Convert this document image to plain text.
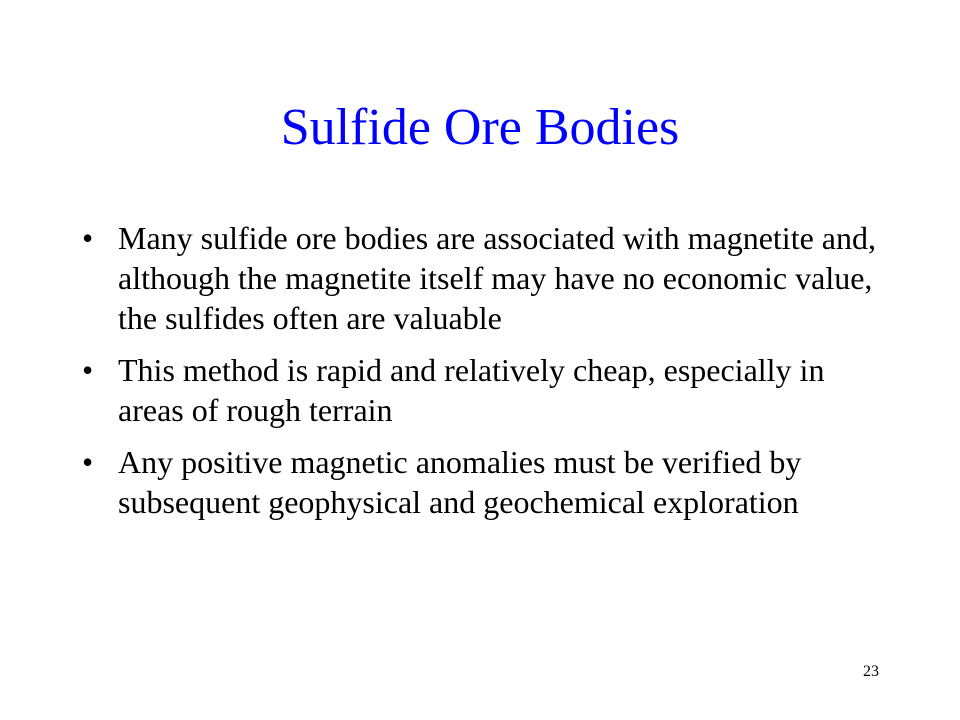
Sulfide Ore Bodies
• Many sulfide ore bodies are associated with magnetite and, although the magnetite itself may have no economic value, the sulfides often are valuable
• This method is rapid and relatively cheap, especially in areas of rough terrain
• Any positive magnetic anomalies must be verified by subsequent geophysical and geochemical exploration
23
